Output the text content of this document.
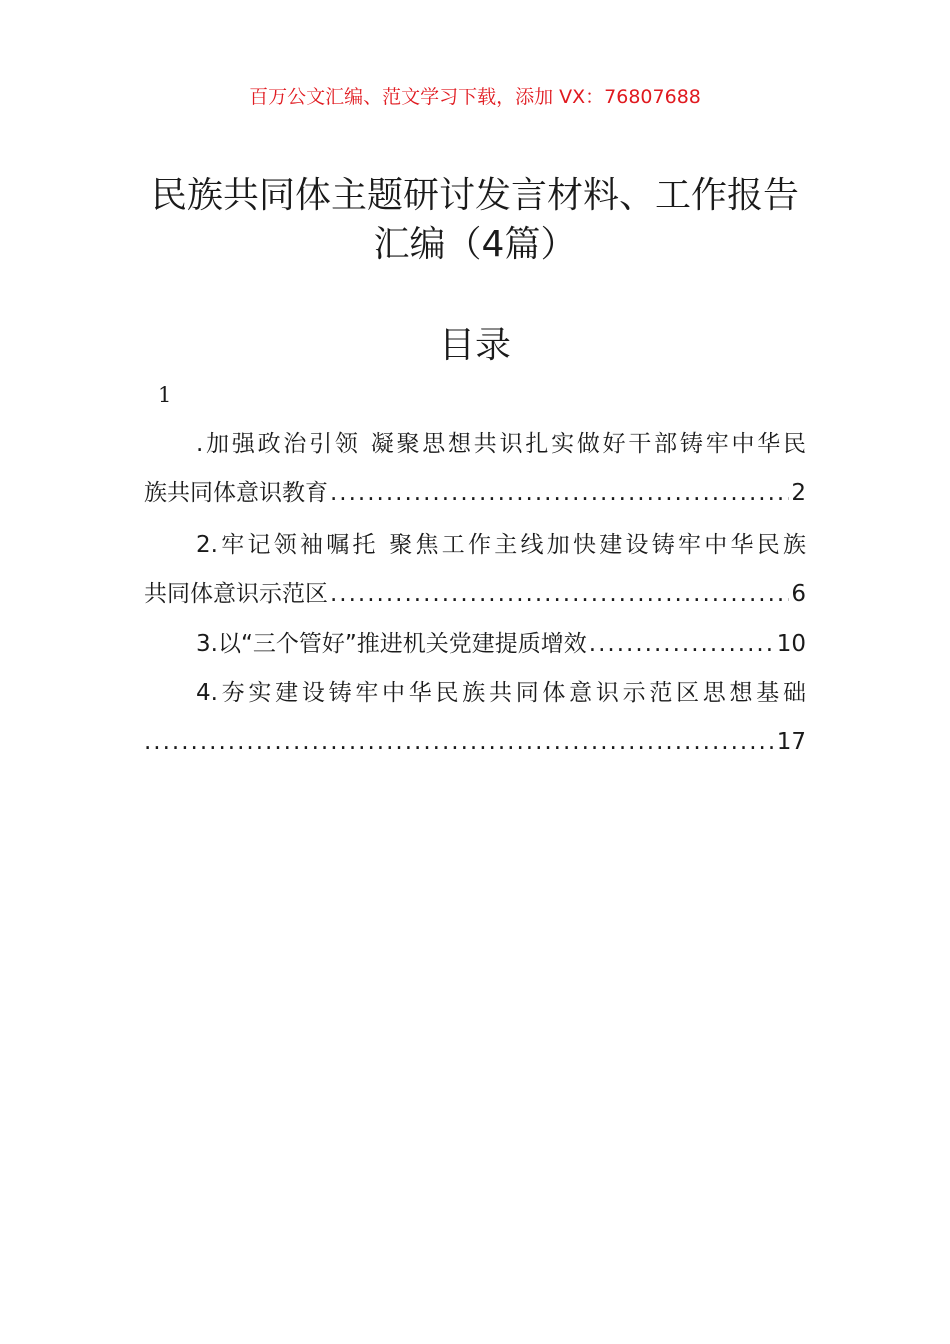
百万公文汇编、范文学习下载，添加 VX：76807688
民族共同体主题研讨发言材料、工作报告
汇编（4篇）
目录
1
.加强政治引领 凝聚思想共识扎实做好干部铸牢中华民
族共同体意识教育 .....	2
2.牢记领袖嘱托 聚焦工作主线加快建设铸牢中华民族
共同体意识示范区 .....	6
3.以“三个管好”推进机关党建提质增效 .....	10
4.夯实建设铸牢中华民族共同体意识示范区思想基础
.....
17
